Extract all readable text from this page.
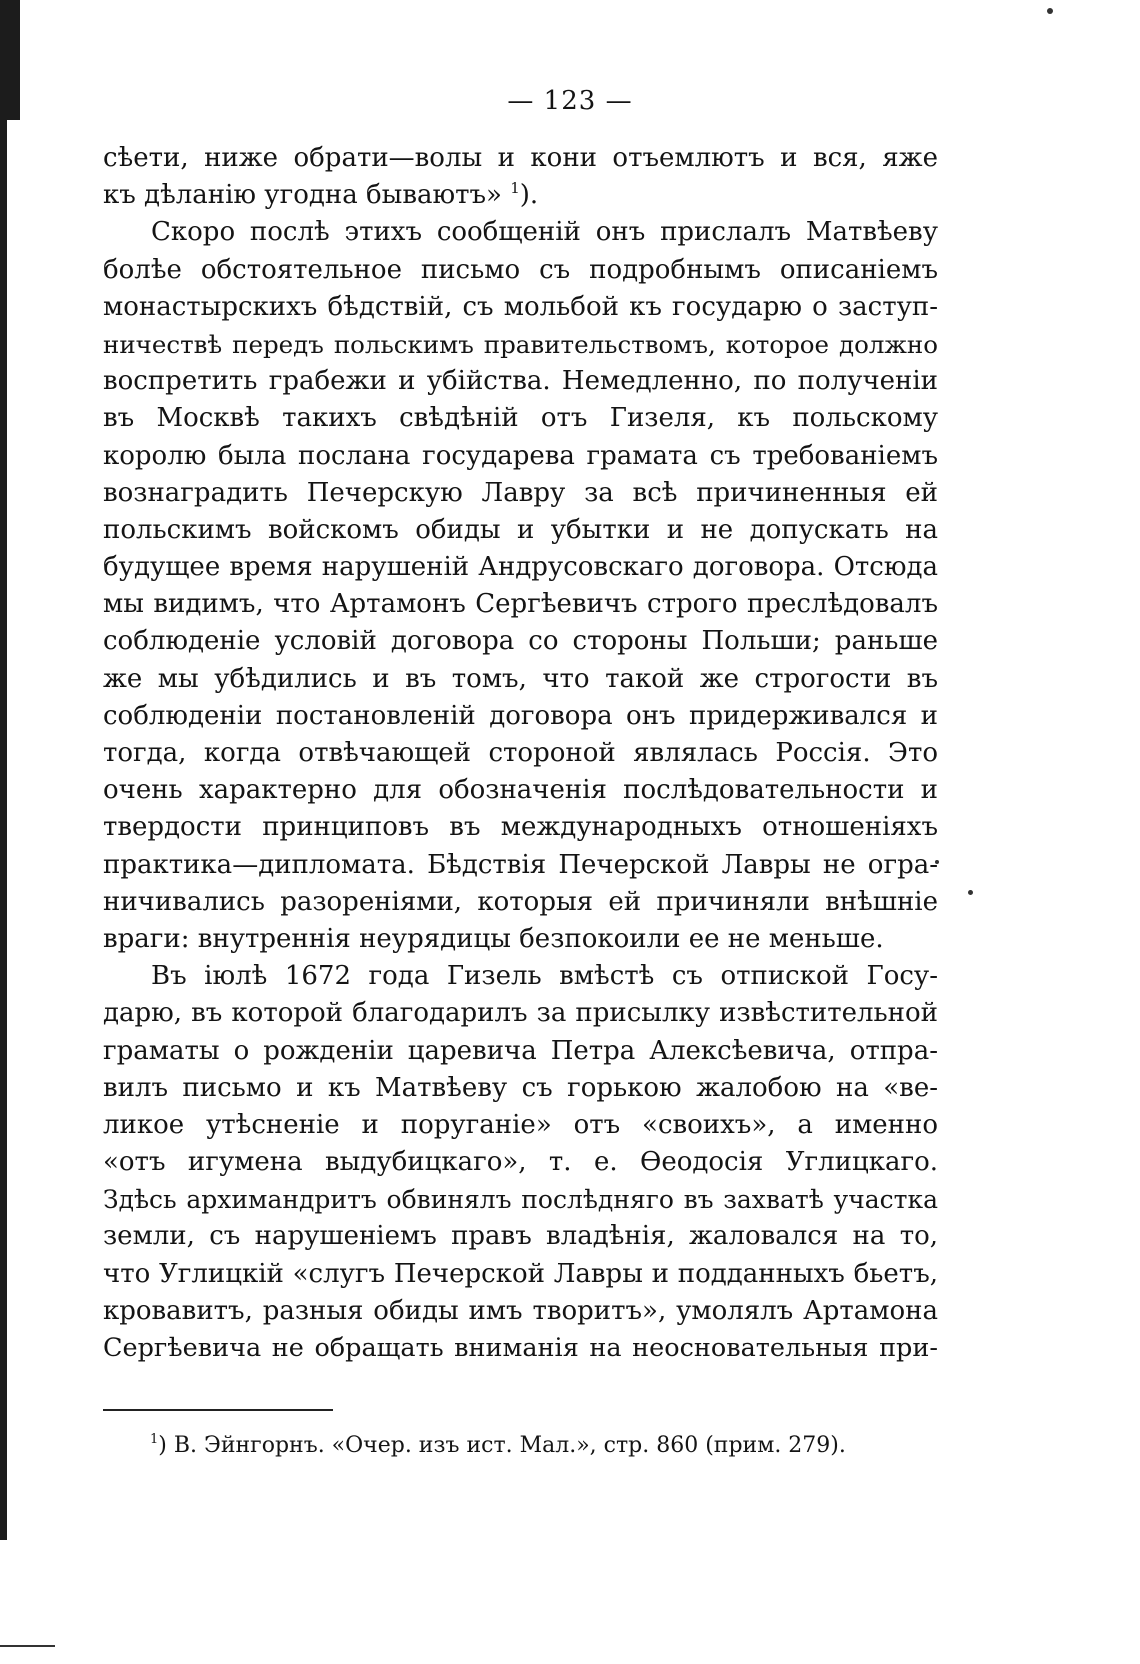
— 123 —
сѣети, ниже обрати—волы и кони отъемлютъ и вся, яже
къ дѣланію угодна бываютъ» $^1$).
Скоро послѣ этихъ сообщеній онъ прислалъ Матвѣеву
болѣе обстоятельное письмо съ подробнымъ описаніемъ
монастырскихъ бѣдствій, съ мольбой къ государю о заступ-
ничествѣ передъ польскимъ правительствомъ, которое должно
воспретить грабежи и убійства. Немедленно, по полученіи
въ Москвѣ такихъ свѣдѣній отъ Гизеля, къ польскому
королю была послана государева грамата съ требованіемъ
вознаградить Печерскую Лавру за всѣ причиненныя ей
польскимъ войскомъ обиды и убытки и не допускать на
будущее время нарушеній Андрусовскаго договора. Отсюда
мы видимъ, что Артамонъ Сергѣевичъ строго преслѣдовалъ
соблюденіе условій договора со стороны Польши; раньше
же мы убѣдились и въ томъ, что такой же строгости въ
соблюденіи постановленій договора онъ придерживался и
тогда, когда отвѣчающей стороной являлась Россія. Это
очень характерно для обозначенія послѣдовательности и
твердости принциповъ въ международныхъ отношеніяхъ
практика—дипломата. Бѣдствія Печерской Лавры не огра-
ничивались разореніями, которыя ей причиняли внѣшніе
враги: внутреннія неурядицы безпокоили ее не меньше.
Въ іюлѣ 1672 года Гизель вмѣстѣ съ отпиской Госу-
дарю, въ которой благодарилъ за присылку извѣстительной
граматы о рожденіи царевича Петра Алексѣевича, отпра-
вилъ письмо и къ Матвѣеву съ горькою жалобою на «ве-
ликое утѣсненіе и поруганіе» отъ «своихъ», а именно
«отъ игумена выдубицкаго», т. е. Ѳеодосія Углицкаго.
Здѣсь архимандритъ обвинялъ послѣдняго въ захватѣ участка
земли, съ нарушеніемъ правъ владѣнія, жаловался на то,
что Углицкій «слугъ Печерской Лавры и подданныхъ бьетъ,
кровавитъ, разныя обиды имъ творитъ», умолялъ Артамона
Сергѣевича не обращать вниманія на неосновательныя при-
$^1$) В. Эйнгорнъ. «Очер. изъ ист. Мал.», стр. 860 (прим. 279).
